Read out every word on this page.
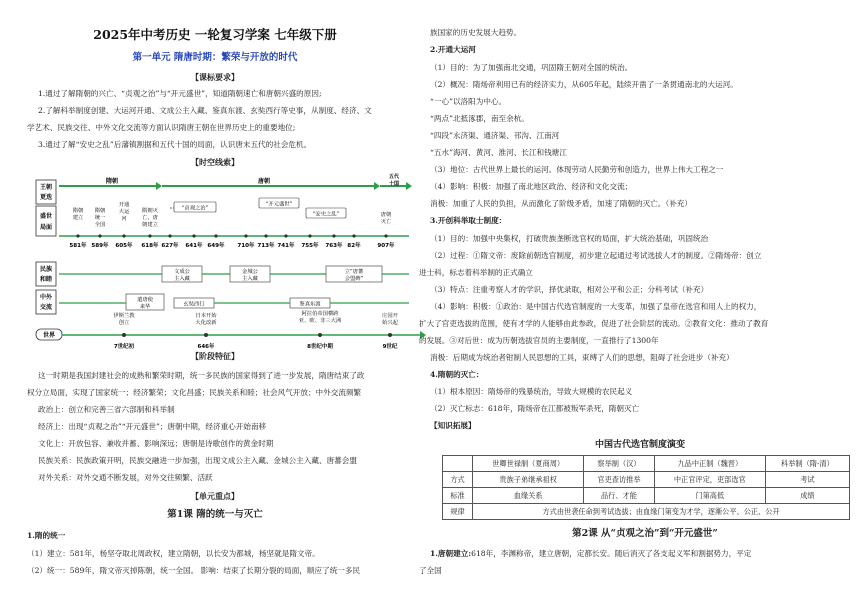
2025年中考历史 一轮复习学案 七年级下册
第一单元 隋唐时期：繁荣与开放的时代
【课标要求】
1.通过了解隋朝的兴亡、“贞观之治”与“开元盛世”，知道隋朝速亡和唐朝兴盛的原因;
2.了解科举制度创建、大运河开通、文成公主入藏、鉴真东渡、玄奘西行等史事，从制度、经济、文
学艺术、民族交往、中外文化交流等方面认识隋唐王朝在世界历史上的重要地位;
3.通过了解“安史之乱”后藩镇割据和五代十国的局面，认识唐末五代的社会危机。
【时空线索】
王朝
更迭
盛世
局面
民族
和睦
中外
交流
隋朝	唐朝
五代
十国
隋朝
建立
隋朝
统一
全国
开通
大运
河
隋朝灭
亡，唐
朝建立
唐朝
灭亡
“贞观之治”
“开元盛世”
“安史之乱”
581年 589年 605年 618年 627年 641年 649年 710年 713年 741年 755年 763年 82年	907年
文成公
主入藏
金城公
主入藏
立“唐蕃
会盟碑”
遣唐使
来华	玄奘西行	鉴真东渡
伊斯兰教
创立
日本开始
大化改新
阿拉伯帝国横跨
亚、欧、非三大洲
庄园开
始兴起
世界
7世纪初	646年	8世纪中期	9世纪
【阶段特征】
这一时期是我国封建社会的成熟和繁荣时期，统一多民族的国家得到了进一步发展，隋唐结束了政
权分立局面，实现了国家统一；经济繁荣；文化昌盛；民族关系和睦；社会风气开放；中外交流频繁
政治上：创立和完善三省六部制和科举制
经济上：出现“贞观之治”“开元盛世”；唐朝中期，经济重心开始南移
文化上：开放包容、兼收并蓄、影响深远；唐朝是诗歌创作的黄金时期
民族关系：民族政策开明，民族交融进一步加强，出现文成公主入藏、金城公主入藏、唐蕃会盟
对外关系：对外交通不断发展，对外交往频繁、活跃
【单元重点】
第1课 隋的统一与灭亡
1.隋的统一
（1）建立：581年，杨坚夺取北周政权，建立隋朝，以长安为都城，杨坚就是隋文帝。
（2）统一：589年，隋文帝灭掉陈朝，统一全国。 影响：结束了长期分裂的局面，顺应了统一多民
族国家的历史发展大趋势。
2.开通大运河
（1）目的：为了加强南北交通，巩固隋王朝对全国的统治。
（2）概况：隋炀帝利用已有的经济实力，从605年起，陆续开凿了一条贯通南北的大运河。
“一心”以洛阳为中心。
“两点”北抵涿郡，南至余杭。
“四段”永济渠、通济渠、邗沟、江南河
“五水”海河、黄河、淮河、长江和钱塘江
（3）地位：古代世界上最长的运河。体现劳动人民勤劳和创造力，世界上伟大工程之一
（4）影响：积极：加强了南北地区政治、经济和文化交流；
消极：加重了人民的负担，从而激化了阶级矛盾，加速了隋朝的灭亡。（补充）
3.开创科举取士制度：
（1）目的：加强中央集权，打破贵族垄断选官权的局面，扩大统治基础，巩固统治
（2）过程：①隋文帝：废除前朝选官制度，初步建立起通过考试选拔人才的制度。②隋炀帝：创立
进士科，标志着科举制的正式确立
（3）特点：注重考察人才的学识，择优录取，相对公平和公正；分科考试（补充）
（4）影响：积极：①政治：是中国古代选官制度的一大变革，加强了皇帝在选官和用人上的权力，
扩大了官吏选拔的范围，使有才学的人能够由此参政，促进了社会阶层的流动。②教育文化：推动了教育
的发展。③对后世：成为历朝选拔官员的主要制度，一直推行了1300年
消极：后期成为统治者钳制人民思想的工具，束缚了人们的思想，阻碍了社会进步（补充）
4.隋朝的灭亡：
（1）根本原因：隋炀帝的残暴统治，导致大规模的农民起义
（2）灭亡标志：618年，隋炀帝在江都被叛军杀死，隋朝灭亡
【知识拓展】
中国古代选官制度演变
	世卿世禄制（夏商周）	察举制（汉）	九品中正制（魏晋）	科举制（隋-清）
方式	贵族子弟继承祖权	官吏查访推举	中正官评定，吏部选官	考试
标准	血缘关系	品行、才能	门第高低	成绩
规律	方式由世袭任命到考试选拔；由血缘门第变为才学，逐渐公平、公正、公开			
第2课 从“贞观之治”到“开元盛世”
1.唐朝建立:618年，李渊称帝，建立唐朝，定都长安。随后消灭了各支起义军和割据势力，平定
了全国
